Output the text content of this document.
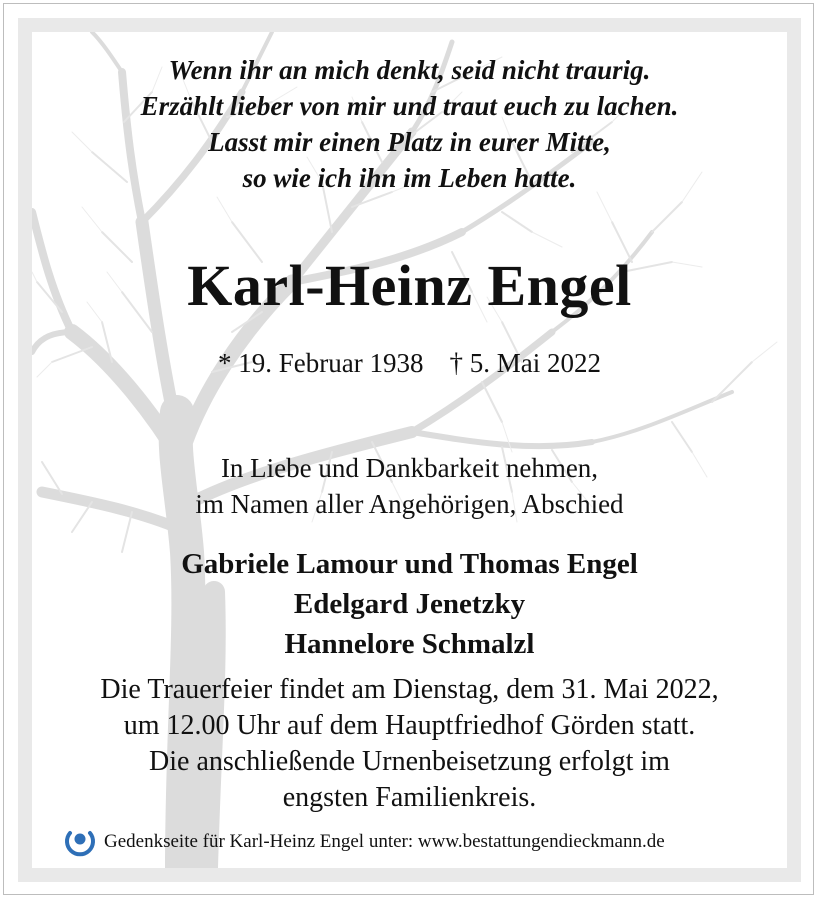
Wenn ihr an mich denkt, seid nicht traurig.
Erzählt lieber von mir und traut euch zu lachen.
Lasst mir einen Platz in eurer Mitte,
so wie ich ihn im Leben hatte.
Karl-Heinz Engel
* 19. Februar 1938 † 5. Mai 2022
In Liebe und Dankbarkeit nehmen,
im Namen aller Angehörigen, Abschied
Gabriele Lamour und Thomas Engel
Edelgard Jenetzky
Hannelore Schmalzl
Die Trauerfeier findet am Dienstag, dem 31. Mai 2022,
um 12.00 Uhr auf dem Hauptfriedhof Görden statt.
Die anschließende Urnenbeisetzung erfolgt im
engsten Familienkreis.
Gedenkseite für Karl-Heinz Engel unter: www.bestattungendieckmann.de
